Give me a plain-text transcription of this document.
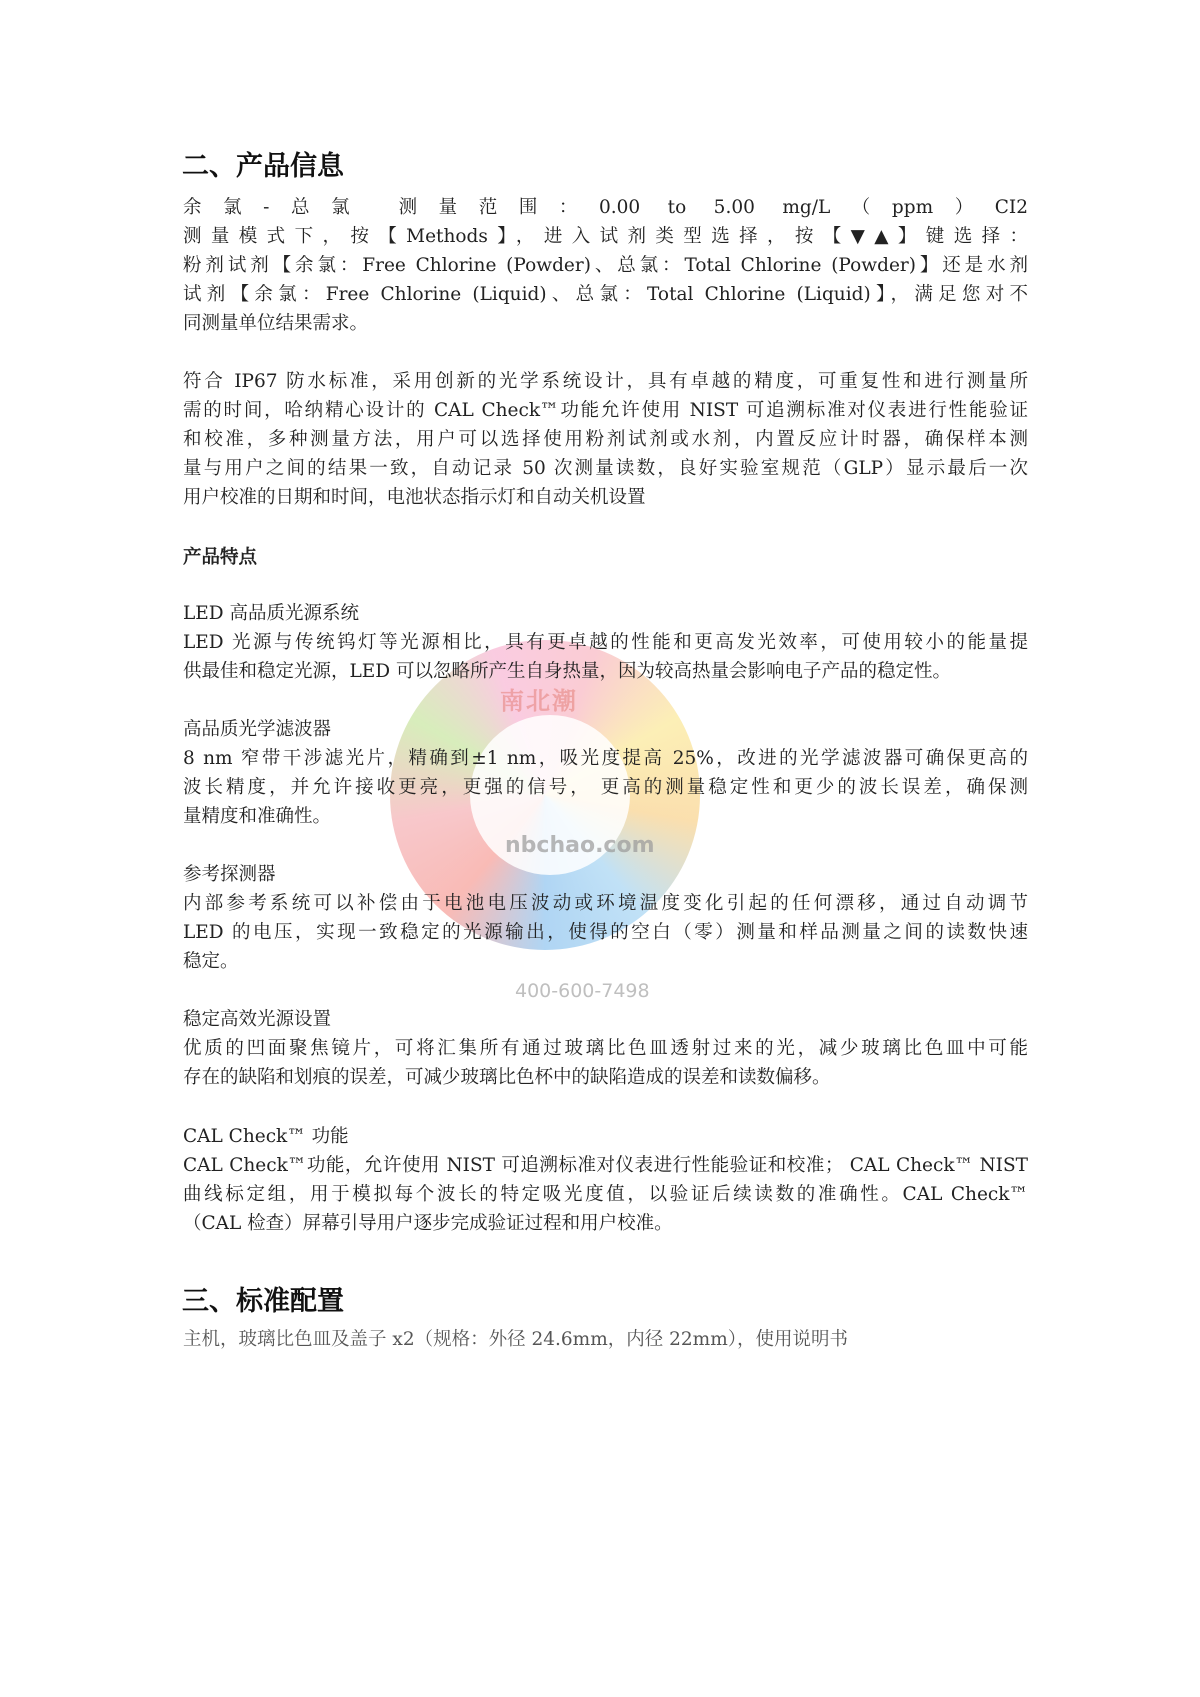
南北潮
nbchao.com
400-600-7498
二、产品信息
余氯-总氯 测量范围：0.00 to 5.00 mg/L（ppm）CI2
测量模式下，按【Methods】，进入试剂类型选择，按【▼▲】键选择：
粉剂试剂【余氯：Free Chlorine (Powder)、总氯：Total Chlorine (Powder)】还是水剂
试剂【余氯：Free Chlorine (Liquid)、总氯：Total Chlorine (Liquid)】，满足您对不
同测量单位结果需求。
符合 IP67 防水标准，采用创新的光学系统设计，具有卓越的精度，可重复性和进行测量所
需的时间，哈纳精心设计的 CAL Check™功能允许使用 NIST 可追溯标准对仪表进行性能验证
和校准，多种测量方法，用户可以选择使用粉剂试剂或水剂，内置反应计时器，确保样本测
量与用户之间的结果一致，自动记录 50 次测量读数，良好实验室规范（GLP）显示最后一次
用户校准的日期和时间，电池状态指示灯和自动关机设置
产品特点
LED 高品质光源系统
LED 光源与传统钨灯等光源相比，具有更卓越的性能和更高发光效率，可使用较小的能量提
供最佳和稳定光源，LED 可以忽略所产生自身热量，因为较高热量会影响电子产品的稳定性。
高品质光学滤波器
8 nm 窄带干涉滤光片，精确到±1 nm，吸光度提高 25%，改进的光学滤波器可确保更高的
波长精度，并允许接收更亮，更强的信号， 更高的测量稳定性和更少的波长误差，确保测
量精度和准确性。
参考探测器
内部参考系统可以补偿由于电池电压波动或环境温度变化引起的任何漂移，通过自动调节
LED 的电压，实现一致稳定的光源输出，使得的空白（零）测量和样品测量之间的读数快速
稳定。
稳定高效光源设置
优质的凹面聚焦镜片，可将汇集所有通过玻璃比色皿透射过来的光，减少玻璃比色皿中可能
存在的缺陷和划痕的误差，可减少玻璃比色杯中的缺陷造成的误差和读数偏移。
CAL Check™ 功能
CAL Check™功能，允许使用 NIST 可追溯标准对仪表进行性能验证和校准； CAL Check™ NIST
曲线标定组，用于模拟每个波长的特定吸光度值，以验证后续读数的准确性。CAL Check™
（CAL 检查）屏幕引导用户逐步完成验证过程和用户校准。
三、标准配置
主机，玻璃比色皿及盖子 x2（规格：外径 24.6mm，内径 22mm），使用说明书
